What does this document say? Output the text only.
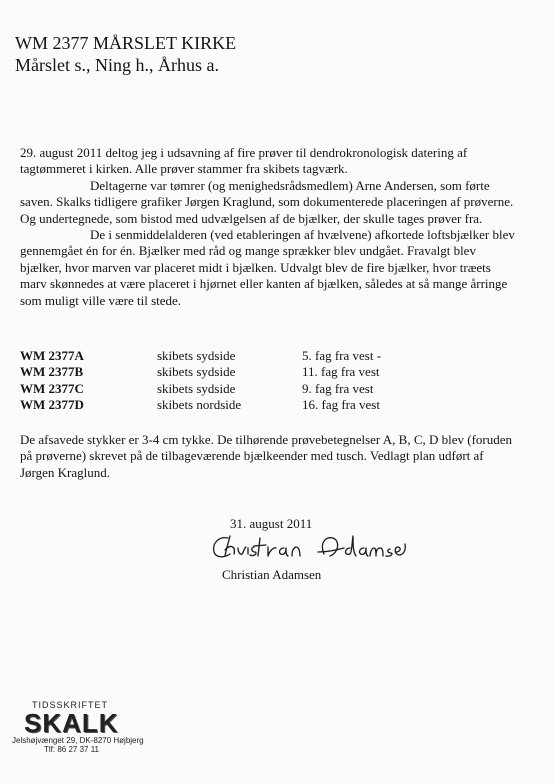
WM 2377 MÅRSLET KIRKE
Mårslet s., Ning h., Århus a.

29. august 2011 deltog jeg i udsavning af fire prøver til dendrokronologisk datering af tagtømmeret i kirken. Alle prøver stammer fra skibets tagværk.

Deltagerne var tømrer (og menighedsrådsmedlem) Arne Andersen, som førte saven. Skalks tidligere grafiker Jørgen Kraglund, som dokumenterede placeringen af prøverne. Og undertegnede, som bistod med udvælgelsen af de bjælker, der skulle tages prøver fra.

De i senmiddelalderen (ved etableringen af hvælvene) afkortede loftsbjælker blev gennemgået én for én. Bjælker med råd og mange sprækker blev undgået. Fravalgt blev bjælker, hvor marven var placeret midt i bjælken. Udvalgt blev de fire bjælker, hvor træets marv skønnedes at være placeret i hjørnet eller kanten af bjælken, således at så mange årringe som muligt ville være til stede.

WM 2377A	skibets sydside	5. fag fra vest -
WM 2377B	skibets sydside	11. fag fra vest
WM 2377C	skibets sydside	9. fag fra vest
WM 2377D	skibets nordside	16. fag fra vest

De afsavede stykker er 3-4 cm tykke. De tilhørende prøvebetegnelser A, B, C, D blev (foruden på prøverne) skrevet på de tilbageværende bjælkeender med tusch. Vedlagt plan udført af Jørgen Kraglund.

31. august 2011
Christian Adamsen
TIDSSKRIFTET
SKALK
Jelshøjvænget 29, DK-8270 Højbjerg
Tlf: 86 27 37 11
